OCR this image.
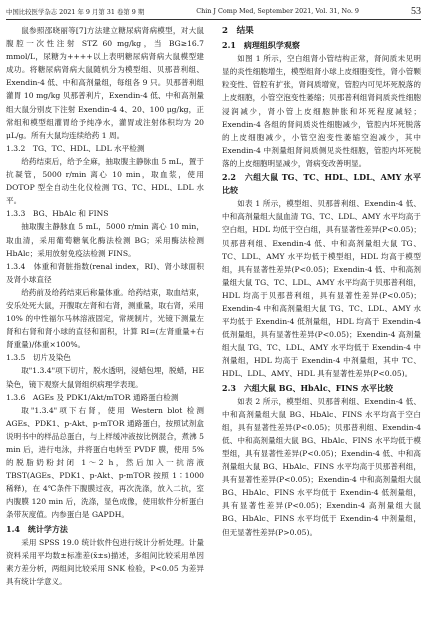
中国比较医学杂志 2021 年 9 月第 31 卷第 9 期	Chin J Comp Med, September 2021, Vol. 31, No. 9	53

鼠参照邵晓丽等[7]方法建立糖尿病肾病模型，对大鼠腹腔一次性注射 STZ 60 mg/kg，当 BG≥16.7 mmol/L，尿糖为++++以上表明糖尿病肾病大鼠模型建成功。将糖尿病肾病大鼠随机分为模型组、贝那普利组、Exendin-4 低、中和高剂量组，每组各 9 只。贝那普利组灌胃 10 mg/kg 贝那普利片，Exendin-4 低、中和高剂量组大鼠分别皮下注射 Exendin-4 4、20、100 μg/kg，正常组和模型组灌胃给予纯净水，灌胃或注射体积均为 20 μL/g。所有大鼠均连续给药 1 周。

1.3.2　TG、TC、HDL、LDL 水平检测

给药结束后，给予全麻，抽取腹主静脉血 5 mL，置于抗凝管，5000 r/min 离心 10 min，取血浆，使用 DOTOP 型全自动生化仪检测 TG、TC、HDL、LDL 水平。

1.3.3　BG、HbAlc 和 FINS

抽取腹主静脉血 5 mL，5000 r/min 离心 10 min，取血清，采用葡萄糖氧化酶法检测 BG；采用酶法检测 HbAlc；采用放射免疫法检测 FINS。

1.3.4　体重和肾脏指数(renal index，RI)、肾小球面积及肾小球直径

给药前及给药结束后称量体重。给药结束，取血结束，安乐处死大鼠，开腹取左肾和右肾，测重量，取右肾，采用 10% 的中性福尔马林溶液固定，常规制片，光镜下测量左肾和右肾和肾小球的直径和面积，计算 RI=(左肾重量+右肾重量)/体重×100%。

1.3.5　切片及染色

取"1.3.4"项下切片，脱水透明，浸蜡包埋，脱蜡，HE 染色，镜下观察大鼠肾组织病理学表现。

1.3.6　AGEs 及 PDK1/Akt/mTOR 通路蛋白检测

取"1.3.4"项下右肾，使用 Western blot 检测 AGEs、PDK1、p-Akt、p-mTOR 通路蛋白，按照试剂盒说明书中的样品总蛋白，与上样缓冲液按比例混合，煮沸 5 min 后，进行电泳，并将蛋白电转至 PVDF 膜，使用 5% 的脱脂奶粉封闭 1～2 h，然后加入一抗溶液 TBST(AGEs、PDK1、p-Akt、p-mTOR 按照 1∶1000 稀释)，在 4℃条件下腹膜过夜，再次洗涤，放入二抗，室内腹膜 120 min 后，洗涤，显色成像，使用软件分析蛋白条带灰度值。内参蛋白是 GAPDH。

1.4　统计学方法

采用 SPSS 19.0 统计软件包进行统计分析处理。计量资料采用平均数±标准差(x̄±s)描述，多组间比较采用单因素方差分析，两组间比较采用 SNK 检验，P<0.05 为差异具有统计学意义。

2　结果
2.1　病理组织学观察

如图 1 所示，空白组肾小管结构正常，肾间质未见明显的炎性细胞增生，模型组肾小球上皮细胞变性，肾小管颗粒变性、管腔有扩张，肾间质增宽，管腔内可见坏死脱落的上皮细胞，小管空泡变性萎缩；贝那普利组肾间质炎性细胞浸润减少，肾小管上皮细胞肿胀和坏死程度减轻；Exendin-4 各组的肾间质炎性细胞减少，管腔内坏死脱落的上皮细胞减少，小管空泡变性萎缩空泡减少，其中 Exendin-4 中剂量组肾间质侧见炎性细胞，管腔内坏死脱落的上皮细胞明显减少，肾病变改善明显。

2.2　六组大鼠 TG、TC、HDL、LDL、AMY 水平比较

如表 1 所示，模型组、贝那普利组、Exendin-4 低、中和高剂量组大鼠血清 TG、TC、LDL、AMY 水平均高于空白组，HDL 均低于空白组，具有显著性差异(P<0.05)；贝那普利组、Exendin-4 低、中和高剂量组大鼠 TG、TC、LDL、AMY 水平均低于模型组，HDL 均高于模型组，具有显著性差异(P<0.05)；Exendin-4 低、中和高剂量组大鼠 TG、TC、LDL、AMY 水平均高于贝那普利组，HDL 均高于贝那普利组，具有显著性差异(P<0.05)；Exendin-4 中和高剂量组大鼠 TG、TC、LDL、AMY 水平均低于 Exendin-4 低剂量组，HDL 均高于 Exendin-4 低剂量组，具有显著性差异(P<0.05)；Exendin-4 高剂量组大鼠 TG、TC、LDL、AMY 水平均低于 Exendin-4 中剂量组，HDL 均高于 Exendin-4 中剂量组，其中 TC、HDL、LDL、AMY、HDL 具有显著性差异(P<0.05)。

2.3　六组大鼠 BG、HbAlc、FINS 水平比较

如表 2 所示，模型组、贝那普利组、Exendin-4 低、中和高剂量组大鼠 BG、HbAlc、FINS 水平均高于空白组，具有显著性差异(P<0.05)；贝那普利组、Exendin-4 低、中和高剂量组大鼠 BG、HbAlc、FINS 水平均低于模型组，具有显著性差异(P<0.05)；Exendin-4 低、中和高剂量组大鼠 BG、HbAlc、FINS 水平均高于贝那普利组，具有显著性差异(P<0.05)；Exendin-4 中和高剂量组大鼠 BG、HbAlc、FINS 水平均低于 Exendin-4 低剂量组，具有显著性差异(P<0.05)；Exendin-4 高剂量组大鼠 BG、HbAlc、FINS 水平均低于 Exendin-4 中剂量组，但无显著性差异(P>0.05)。
